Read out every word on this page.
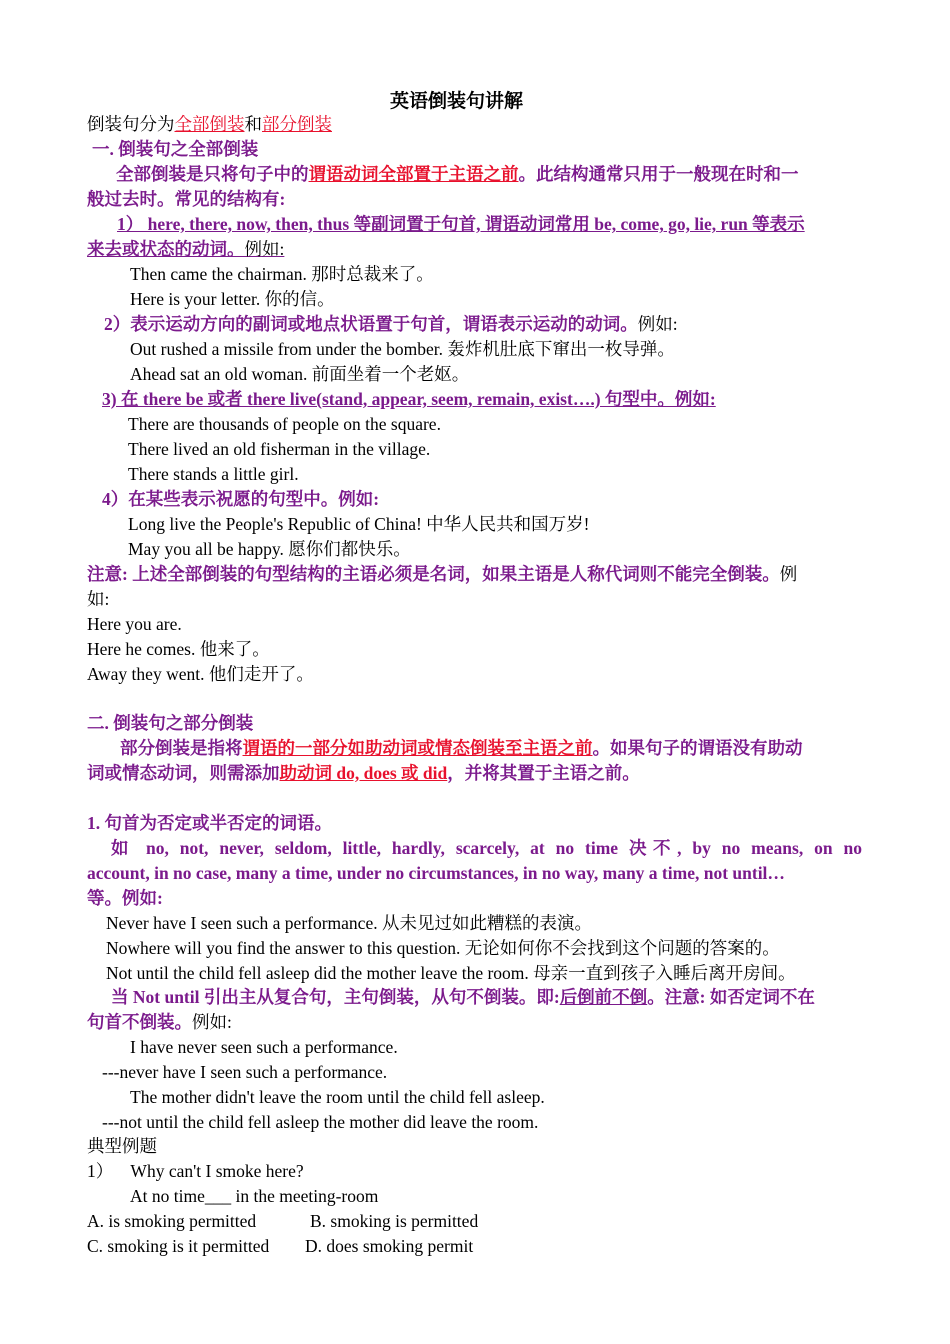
英语倒装句讲解
倒装句分为全部倒装和部分倒装
一. 倒装句之全部倒装
全部倒装是只将句子中的谓语动词全部置于主语之前。此结构通常只用于一般现在时和一
般过去时。常见的结构有:
1） here, there, now, then, thus 等副词置于句首, 谓语动词常用 be, come, go, lie, run 等表示
来去或状态的动词。例如:
Then came the chairman. 那时总裁来了。
Here is your letter. 你的信。
2）表示运动方向的副词或地点状语置于句首，谓语表示运动的动词。例如:
Out rushed a missile from under the bomber. 轰炸机肚底下窜出一枚导弹。
Ahead sat an old woman. 前面坐着一个老妪。
3) 在 there be 或者 there live(stand, appear, seem, remain, exist….) 句型中。例如:
There are thousands of people on the square.
There lived an old fisherman in the village.
There stands a little girl.
4）在某些表示祝愿的句型中。例如:
Long live the People's Republic of China! 中华人民共和国万岁!
May you all be happy. 愿你们都快乐。
注意: 上述全部倒装的句型结构的主语必须是名词，如果主语是人称代词则不能完全倒装。例
如:
Here you are.
Here he comes. 他来了。
Away they went. 他们走开了。
二. 倒装句之部分倒装
部分倒装是指将谓语的一部分如助动词或情态倒装至主语之前。如果句子的谓语没有助动
词或情态动词，则需添加助动词 do, does 或 did，并将其置于主语之前。
1. 句首为否定或半否定的词语。
如 no, not, never, seldom, little, hardly, scarcely, at no time 决不, by no means, on no
account, in no case, many a time, under no circumstances, in no way, many a time, not until…
等。例如:
Never have I seen such a performance. 从未见过如此糟糕的表演。
Nowhere will you find the answer to this question. 无论如何你不会找到这个问题的答案的。
Not until the child fell asleep did the mother leave the room. 母亲一直到孩子入睡后离开房间。
当 Not until 引出主从复合句，主句倒装，从句不倒装。即:后倒前不倒。注意: 如否定词不在
句首不倒装。例如:
I have never seen such a performance.
---never have I seen such a performance.
The mother didn't leave the room until the child fell asleep.
---not until the child fell asleep the mother did leave the room.
典型例题
1）    Why can't I smoke here?
At no time___ in the meeting-room
A. is smoking permitted	B. smoking is permitted
C. smoking is it permitted D. does smoking permit
